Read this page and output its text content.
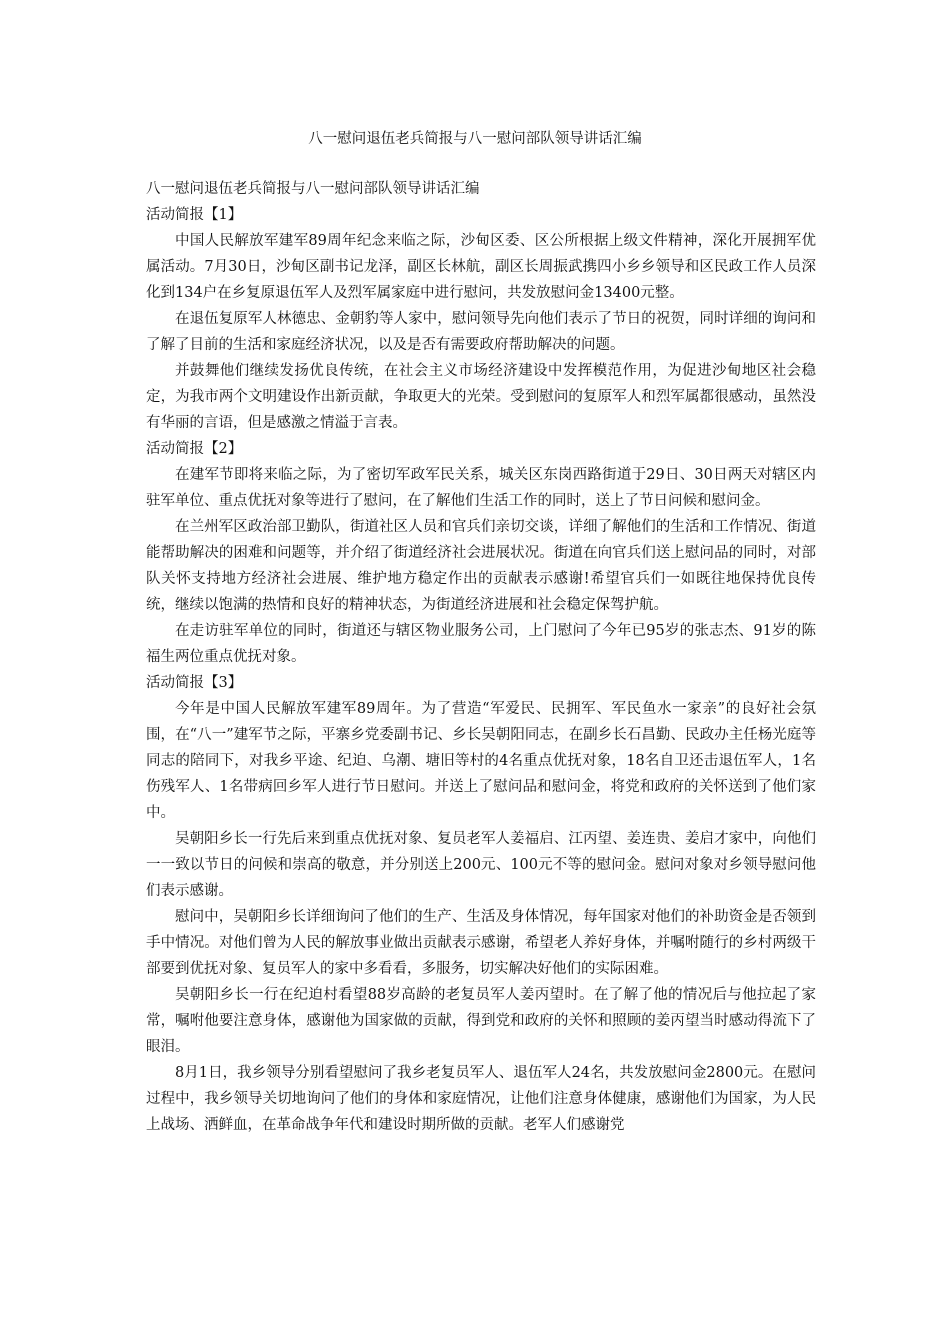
八一慰问退伍老兵简报与八一慰问部队领导讲话汇编

八一慰问退伍老兵简报与八一慰问部队领导讲话汇编

活动简报【1】

中国人民解放军建军89周年纪念来临之际，沙甸区委、区公所根据上级文件精神，深化开展拥军优属活动。7月30日，沙甸区副书记龙泽，副区长林航，副区长周振武携四小乡乡领导和区民政工作人员深化到134户在乡复原退伍军人及烈军属家庭中进行慰问，共发放慰问金13400元整。

在退伍复原军人林德忠、金朝豹等人家中，慰问领导先向他们表示了节日的祝贺，同时详细的询问和了解了目前的生活和家庭经济状况，以及是否有需要政府帮助解决的问题。

并鼓舞他们继续发扬优良传统，在社会主义市场经济建设中发挥模范作用，为促进沙甸地区社会稳定，为我市两个文明建设作出新贡献，争取更大的光荣。受到慰问的复原军人和烈军属都很感动，虽然没有华丽的言语，但是感激之情溢于言表。

活动简报【2】

在建军节即将来临之际，为了密切军政军民关系，城关区东岗西路街道于29日、30日两天对辖区内驻军单位、重点优抚对象等进行了慰问，在了解他们生活工作的同时，送上了节日问候和慰问金。

在兰州军区政治部卫勤队，街道社区人员和官兵们亲切交谈，详细了解他们的生活和工作情况、街道能帮助解决的困难和问题等，并介绍了街道经济社会进展状况。街道在向官兵们送上慰问品的同时，对部队关怀支持地方经济社会进展、维护地方稳定作出的贡献表示感谢!希望官兵们一如既往地保持优良传统，继续以饱满的热情和良好的精神状态，为街道经济进展和社会稳定保驾护航。

在走访驻军单位的同时，街道还与辖区物业服务公司，上门慰问了今年已95岁的张志杰、91岁的陈福生两位重点优抚对象。

活动简报【3】

今年是中国人民解放军建军89周年。为了营造“军爱民、民拥军、军民鱼水一家亲”的良好社会氛围，在“八一”建军节之际，平寨乡党委副书记、乡长吴朝阳同志，在副乡长石昌勤、民政办主任杨光庭等同志的陪同下，对我乡平途、纪迫、乌潮、塘旧等村的4名重点优抚对象，18名自卫还击退伍军人，1名伤残军人、1名带病回乡军人进行节日慰问。并送上了慰问品和慰问金，将党和政府的关怀送到了他们家中。

吴朝阳乡长一行先后来到重点优抚对象、复员老军人姜福启、江丙望、姜连贵、姜启才家中，向他们一一致以节日的问候和崇高的敬意，并分别送上200元、100元不等的慰问金。慰问对象对乡领导慰问他们表示感谢。

慰问中，吴朝阳乡长详细询问了他们的生产、生活及身体情况，每年国家对他们的补助资金是否领到手中情况。对他们曾为人民的解放事业做出贡献表示感谢，希望老人养好身体，并嘱咐随行的乡村两级干部要到优抚对象、复员军人的家中多看看，多服务，切实解决好他们的实际困难。

吴朝阳乡长一行在纪迫村看望88岁高龄的老复员军人姜丙望时。在了解了他的情况后与他拉起了家常，嘱咐他要注意身体，感谢他为国家做的贡献，得到党和政府的关怀和照顾的姜丙望当时感动得流下了眼泪。

8月1日，我乡领导分别看望慰问了我乡老复员军人、退伍军人24名，共发放慰问金2800元。在慰问过程中，我乡领导关切地询问了他们的身体和家庭情况，让他们注意身体健康，感谢他们为国家，为人民上战场、洒鲜血，在革命战争年代和建设时期所做的贡献。老军人们感谢党
